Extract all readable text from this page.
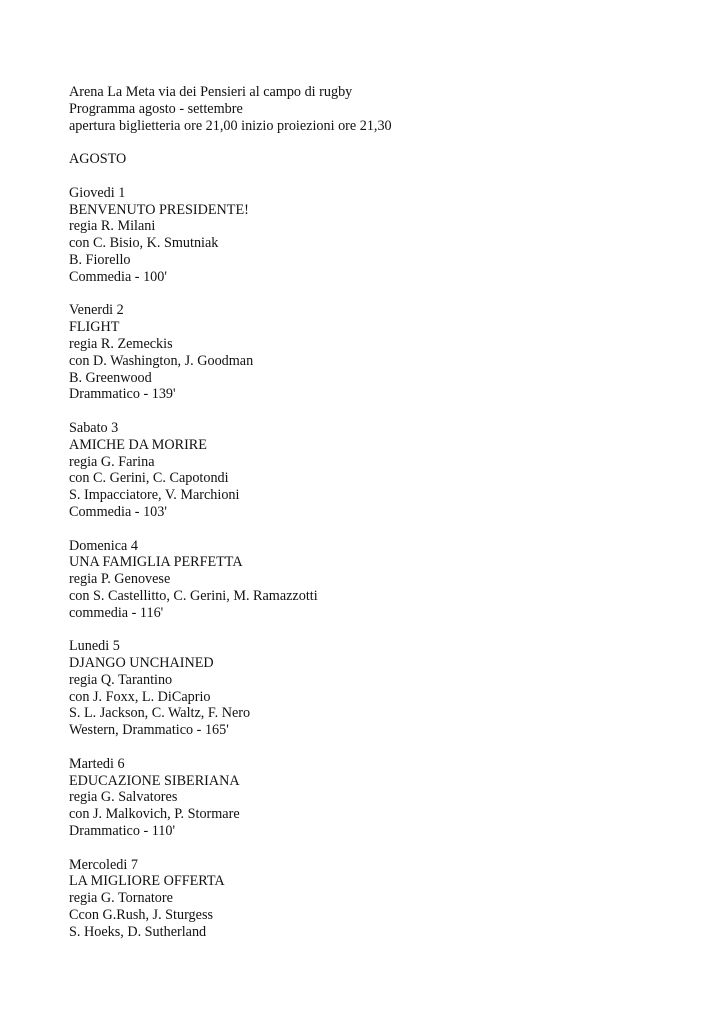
Arena La Meta via dei Pensieri al campo di rugby
Programma agosto - settembre
apertura biglietteria ore 21,00 inizio proiezioni ore 21,30
AGOSTO
Giovedi 1
BENVENUTO PRESIDENTE!
regia R. Milani
con C. Bisio, K. Smutniak
B. Fiorello
Commedia - 100'
Venerdi 2
FLIGHT
regia R. Zemeckis
con D. Washington, J. Goodman
B. Greenwood
Drammatico - 139'
Sabato 3
AMICHE DA MORIRE
regia G. Farina
con C. Gerini, C. Capotondi
S. Impacciatore, V. Marchioni
Commedia - 103'
Domenica 4
UNA FAMIGLIA PERFETTA
regia P. Genovese
con S. Castellitto, C. Gerini, M. Ramazzotti
commedia - 116'
Lunedi 5
DJANGO UNCHAINED
regia Q. Tarantino
con J. Foxx, L. DiCaprio
S. L. Jackson, C. Waltz, F. Nero
Western, Drammatico - 165'
Martedi 6
EDUCAZIONE SIBERIANA
regia G. Salvatores
con J. Malkovich, P. Stormare
Drammatico - 110'
Mercoledi 7
LA MIGLIORE OFFERTA
regia G. Tornatore
Ccon G.Rush, J. Sturgess
S. Hoeks, D. Sutherland
